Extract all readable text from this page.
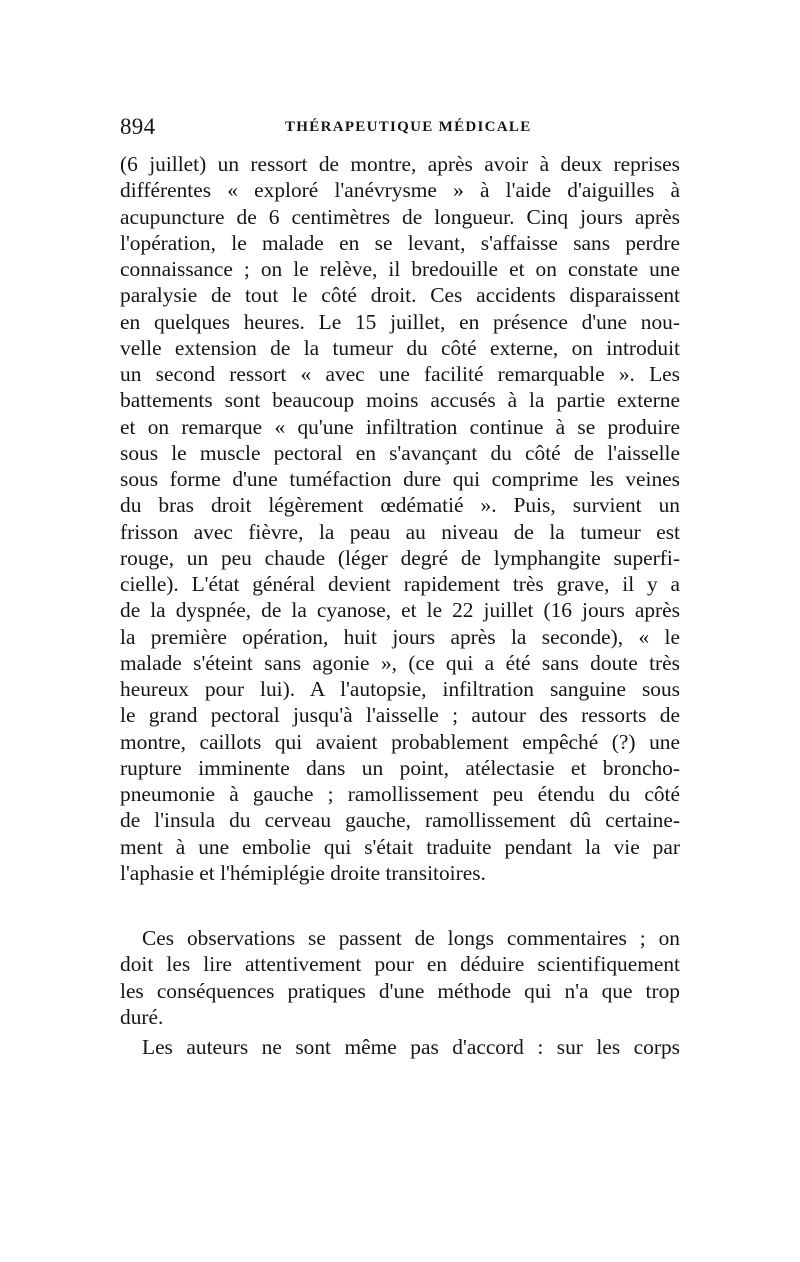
894	THÉRAPEUTIQUE MÉDICALE
(6 juillet) un ressort de montre, après avoir à deux reprises
différentes « exploré l'anévrysme » à l'aide d'aiguilles à
acupuncture de 6 centimètres de longueur. Cinq jours après
l'opération, le malade en se levant, s'affaisse sans perdre
connaissance ; on le relève, il bredouille et on constate une
paralysie de tout le côté droit. Ces accidents disparaissent
en quelques heures. Le 15 juillet, en présence d'une nou-
velle extension de la tumeur du côté externe, on introduit
un second ressort « avec une facilité remarquable ». Les
battements sont beaucoup moins accusés à la partie externe
et on remarque « qu'une infiltration continue à se produire
sous le muscle pectoral en s'avançant du côté de l'aisselle
sous forme d'une tuméfaction dure qui comprime les veines
du bras droit légèrement œdématié ». Puis, survient un
frisson avec fièvre, la peau au niveau de la tumeur est
rouge, un peu chaude (léger degré de lymphangite superfi-
cielle). L'état général devient rapidement très grave, il y a
de la dyspnée, de la cyanose, et le 22 juillet (16 jours après
la première opération, huit jours après la seconde), « le
malade s'éteint sans agonie », (ce qui a été sans doute très
heureux pour lui). A l'autopsie, infiltration sanguine sous
le grand pectoral jusqu'à l'aisselle ; autour des ressorts de
montre, caillots qui avaient probablement empêché (?) une
rupture imminente dans un point, atélectasie et broncho-
pneumonie à gauche ; ramollissement peu étendu du côté
de l'insula du cerveau gauche, ramollissement dû certaine-
ment à une embolie qui s'était traduite pendant la vie par
l'aphasie et l'hémiplégie droite transitoires.
Ces observations se passent de longs commentaires ; on
doit les lire attentivement pour en déduire scientifiquement
les conséquences pratiques d'une méthode qui n'a que trop
duré.
Les auteurs ne sont même pas d'accord : sur les corps
